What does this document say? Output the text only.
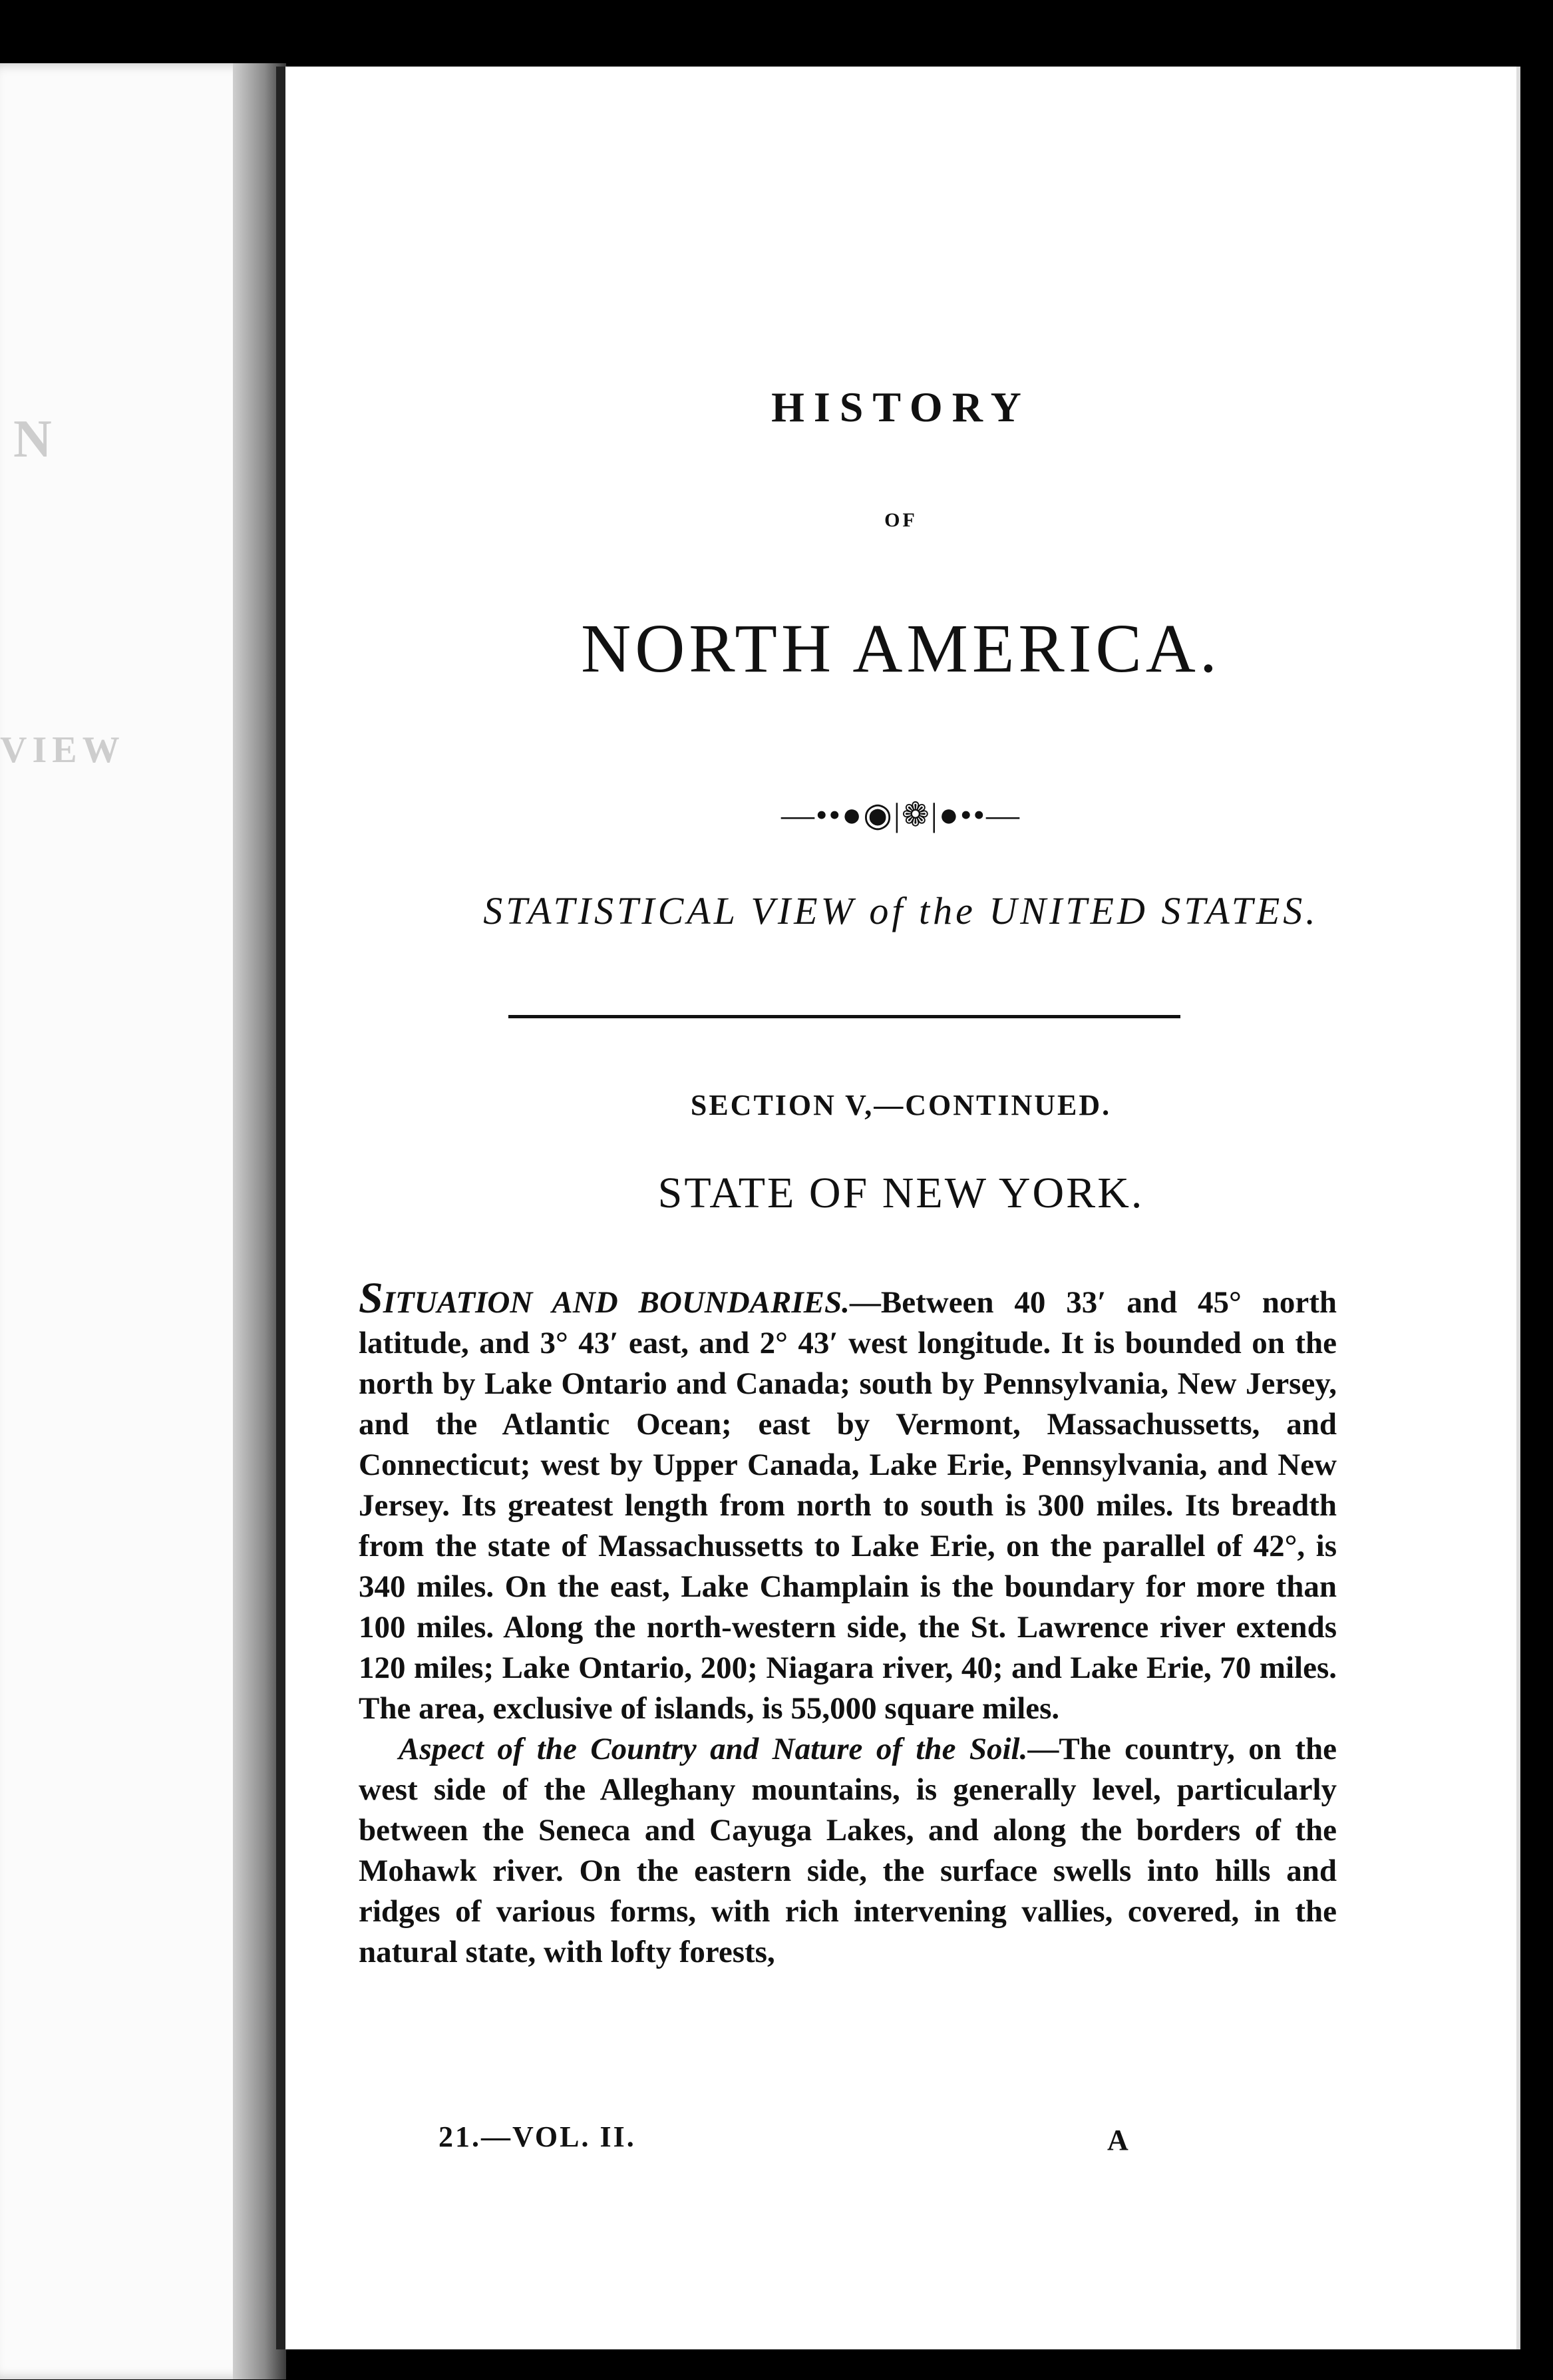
N
VIEW
HISTORY
OF
NORTH AMERICA.
—••●◉|❁|●••—
STATISTICAL VIEW of the UNITED STATES.
SECTION V,—CONTINUED.
STATE OF NEW YORK.

SITUATION AND BOUNDARIES.—Between 40 33′ and 45° north latitude, and 3° 43′ east, and 2° 43′ west longitude. It is bounded on the north by Lake Ontario and Canada; south by Pennsylvania, New Jersey, and the Atlantic Ocean; east by Vermont, Massachussetts, and Connecticut; west by Upper Canada, Lake Erie, Pennsylvania, and New Jersey. Its greatest length from north to south is 300 miles. Its breadth from the state of Massachussetts to Lake Erie, on the parallel of 42°, is 340 miles. On the east, Lake Champlain is the boundary for more than 100 miles. Along the north-western side, the St. Lawrence river extends 120 miles; Lake Ontario, 200; Niagara river, 40; and Lake Erie, 70 miles. The area, exclusive of islands, is 55,000 square miles.

Aspect of the Country and Nature of the Soil.—The country, on the west side of the Alleghany mountains, is generally level, particularly between the Seneca and Cayuga Lakes, and along the borders of the Mohawk river. On the eastern side, the surface swells into hills and ridges of various forms, with rich intervening vallies, covered, in the natural state, with lofty forests,

21.—VOL. II.	A
